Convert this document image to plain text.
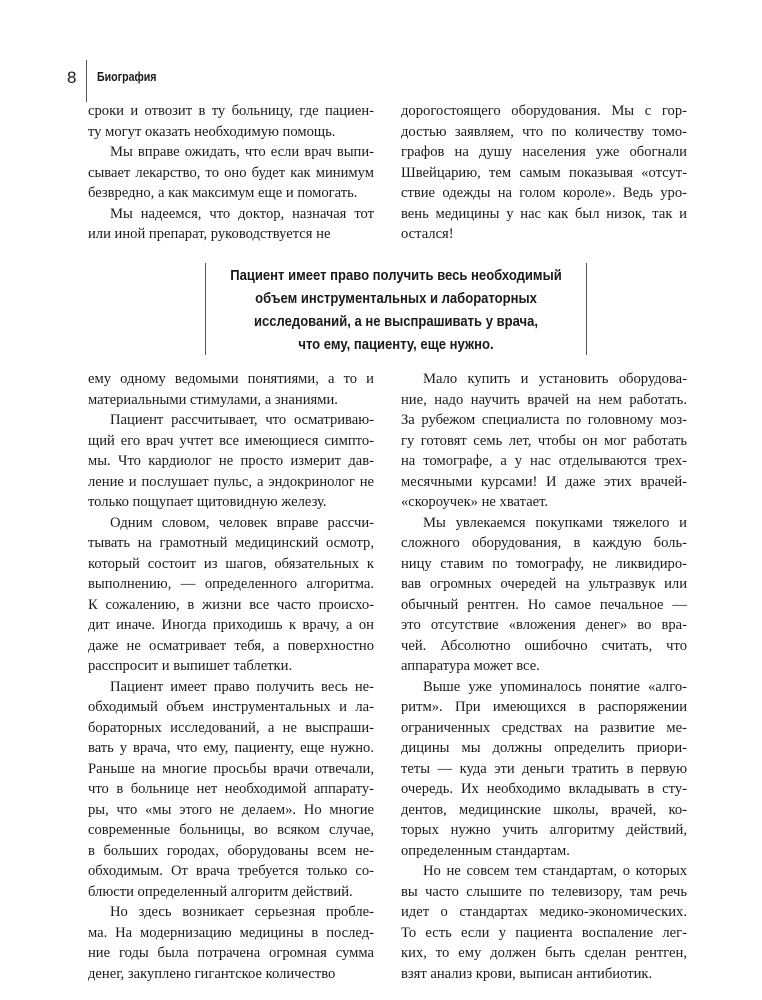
8 Биография
сроки и отвозит в ту больницу, где пациен-
ту могут оказать необходимую помощь.
Мы вправе ожидать, что если врач выпи-
сывает лекарство, то оно будет как минимум
безвредно, а как максимум еще и помогать.
Мы надеемся, что доктор, назначая тот
или иной препарат, руководствуется не
дорогостоящего оборудования. Мы с гор-
достью заявляем, что по количеству томо-
графов на душу населения уже обогнали
Швейцарию, тем самым показывая «отсут-
ствие одежды на голом короле». Ведь уро-
вень медицины у нас как был низок, так и
остался!
Пациент имеет право получить весь необходимый
объем инструментальных и лабораторных
исследований, а не выспрашивать у врача,
что ему, пациенту, еще нужно.
ему одному ведомыми понятиями, а то и
материальными стимулами, а знаниями.
Пациент рассчитывает, что осматриваю-
щий его врач учтет все имеющиеся симпто-
мы. Что кардиолог не просто измерит дав-
ление и послушает пульс, а эндокринолог не
только пощупает щитовидную железу.
Одним словом, человек вправе рассчи-
тывать на грамотный медицинский осмотр,
который состоит из шагов, обязательных к
выполнению, — определенного алгоритма.
К сожалению, в жизни все часто происхо-
дит иначе. Иногда приходишь к врачу, а он
даже не осматривает тебя, а поверхностно
расспросит и выпишет таблетки.
Пациент имеет право получить весь не-
обходимый объем инструментальных и ла-
бораторных исследований, а не выспраши-
вать у врача, что ему, пациенту, еще нужно.
Раньше на многие просьбы врачи отвечали,
что в больнице нет необходимой аппарату-
ры, что «мы этого не делаем». Но многие
современные больницы, во всяком случае,
в больших городах, оборудованы всем не-
обходимым. От врача требуется только со-
блюсти определенный алгоритм действий.
Но здесь возникает серьезная пробле-
ма. На модернизацию медицины в послед-
ние годы была потрачена огромная сумма
денег, закуплено гигантское количество
Мало купить и установить оборудова-
ние, надо научить врачей на нем работать.
За рубежом специалиста по головному моз-
гу готовят семь лет, чтобы он мог работать
на томографе, а у нас отделываются трех-
месячными курсами! И даже этих врачей-
«скороучек» не хватает.
Мы увлекаемся покупками тяжелого и
сложного оборудования, в каждую боль-
ницу ставим по томографу, не ликвидиро-
вав огромных очередей на ультразвук или
обычный рентген. Но самое печальное —
это отсутствие «вложения денег» во вра-
чей. Абсолютно ошибочно считать, что
аппаратура может все.
Выше уже упоминалось понятие «алго-
ритм». При имеющихся в распоряжении
ограниченных средствах на развитие ме-
дицины мы должны определить приори-
теты — куда эти деньги тратить в первую
очередь. Их необходимо вкладывать в сту-
дентов, медицинские школы, врачей, ко-
торых нужно учить алгоритму действий,
определенным стандартам.
Но не совсем тем стандартам, о которых
вы часто слышите по телевизору, там речь
идет о стандартах медико-экономических.
То есть если у пациента воспаление лег-
ких, то ему должен быть сделан рентген,
взят анализ крови, выписан антибиотик.
